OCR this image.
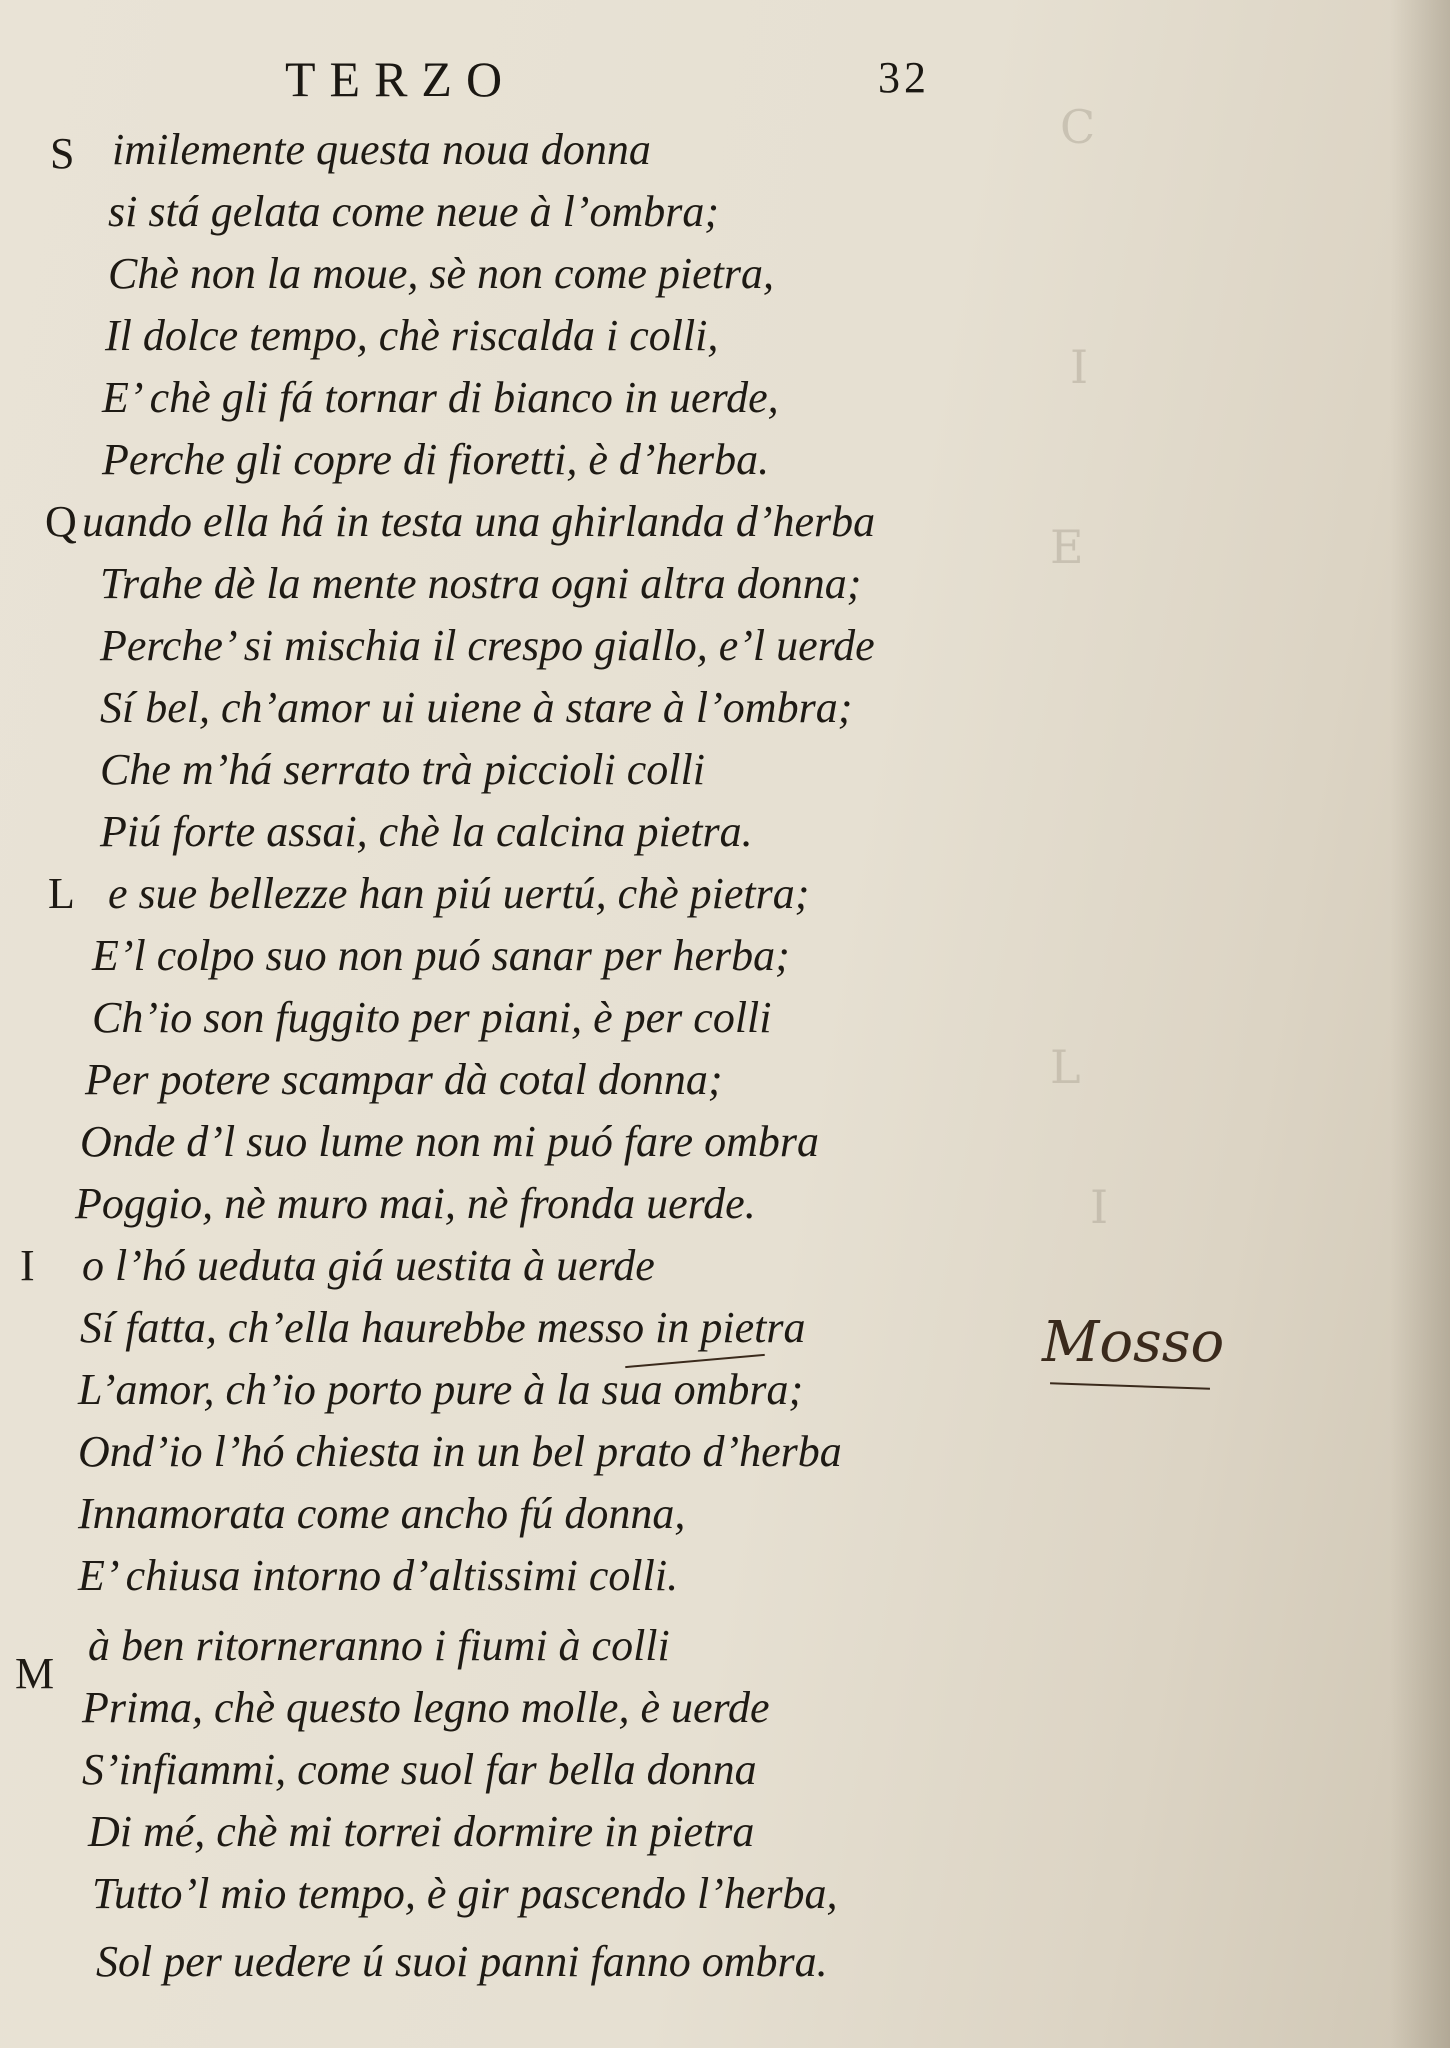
C
I
E
L
I
TERZO	32
S imilemente questa noua donna
si stá gelata come neue à l’ombra;
Chè non la moue, sè non come pietra,
Il dolce tempo, chè riscalda i colli,
E’ chè gli fá tornar di bianco in uerde,
Perche gli copre di fioretti, è d’herba.
Q uando ella há in testa una ghirlanda d’herba
Trahe dè la mente nostra ogni altra donna;
Perche’ si mischia il crespo giallo, e’l uerde
Sí bel, ch’amor ui uiene à stare à l’ombra;
Che m’há serrato trà piccioli colli
Piú forte assai, chè la calcina pietra.
L e sue bellezze han piú uertú, chè pietra;
E’l colpo suo non puó sanar per herba;
Ch’io son fuggito per piani, è per colli
Per potere scampar dà cotal donna;
Onde d’l suo lume non mi puó fare ombra
Poggio, nè muro mai, nè fronda uerde.
I o l’hó ueduta giá uestita à uerde
Sí fatta, ch’ella haurebbe messo in pietra
L’amor, ch’io porto pure à la sua ombra;
Ond’io l’hó chiesta in un bel prato d’herba
Innamorata come ancho fú donna,
E’ chiusa intorno d’altissimi colli.
M
à ben ritorneranno i fiumi à colli
Prima, chè questo legno molle, è uerde
S’infiammi, come suol far bella donna
Di mé, chè mi torrei dormire in pietra
Tutto’l mio tempo, è gir pascendo l’herba,
Sol per uedere ú suoi panni fanno ombra.
Mosso
